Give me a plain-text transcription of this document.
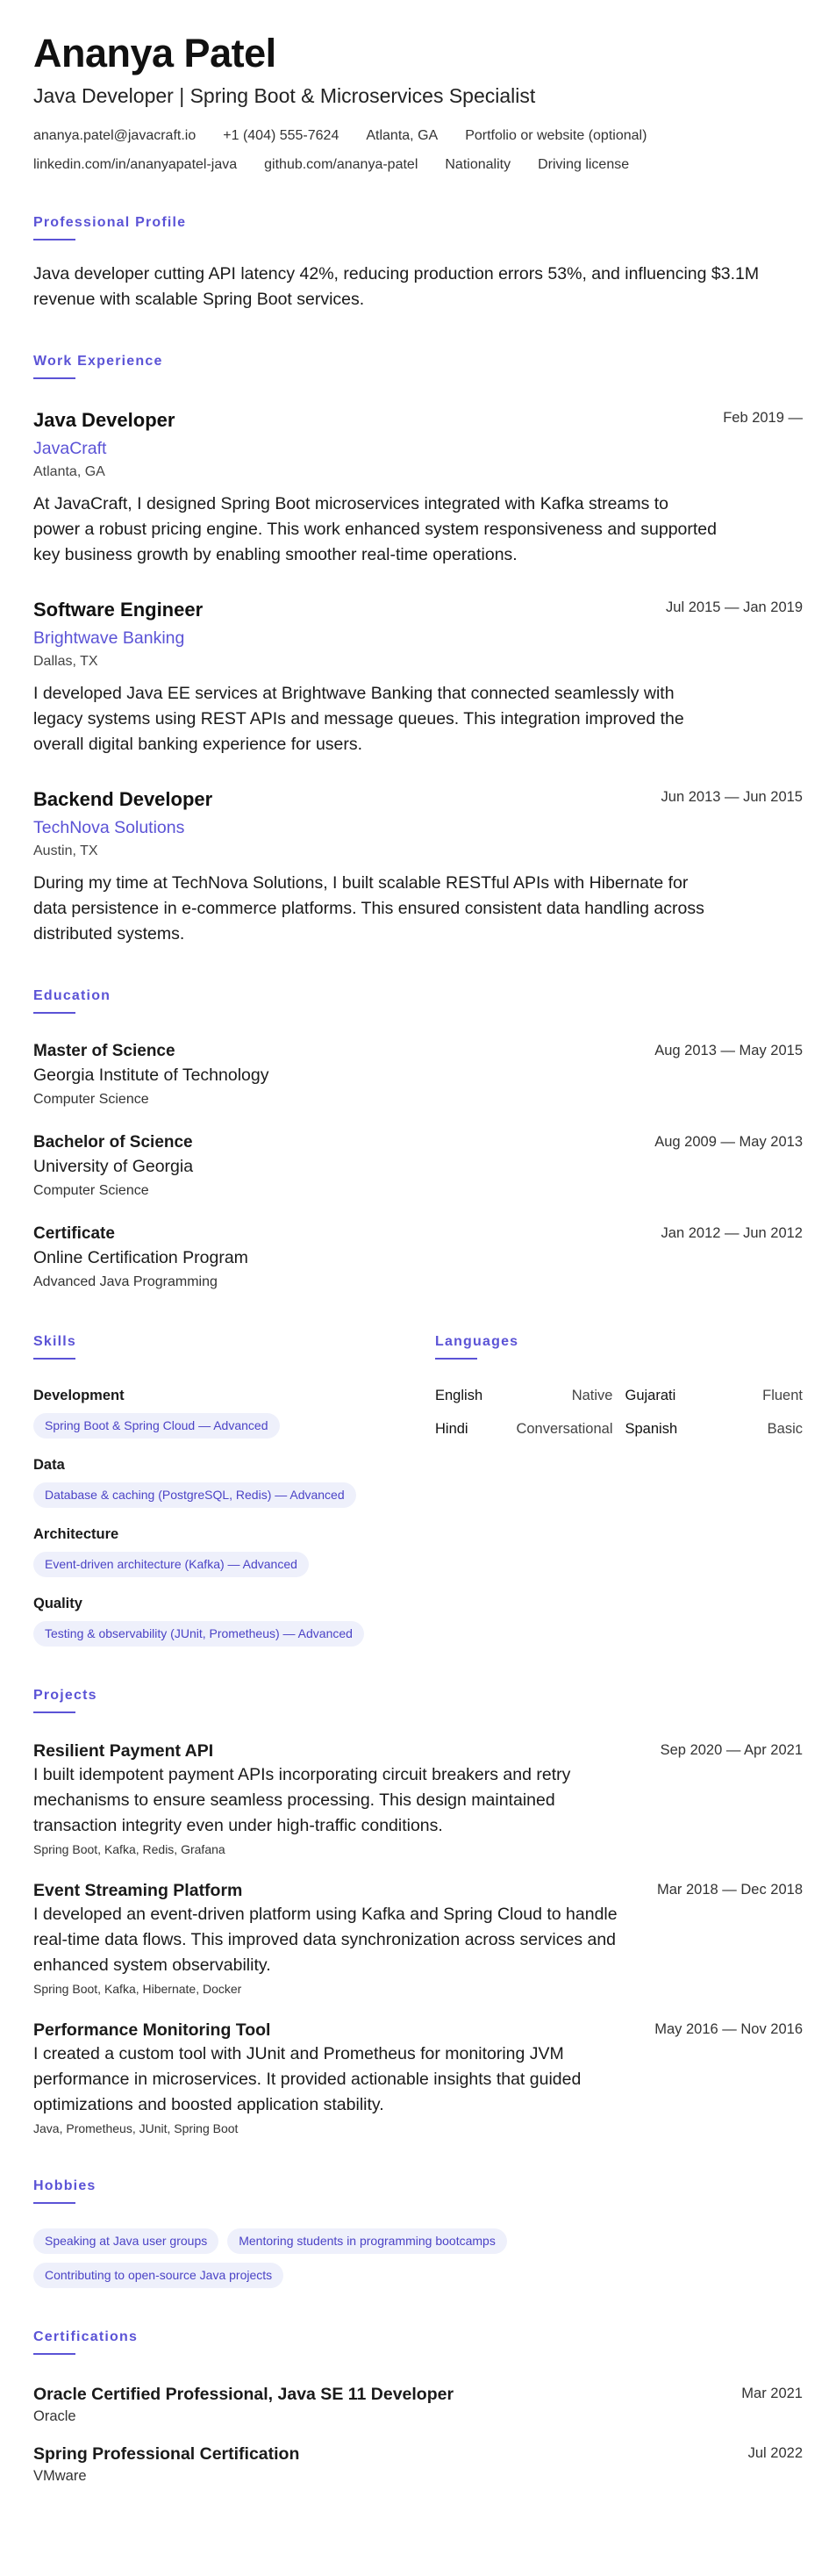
Ananya Patel
Java Developer | Spring Boot & Microservices Specialist
ananya.patel@javacraft.io +1 (404) 555-7624 Atlanta, GA Portfolio or website (optional)
linkedin.com/in/ananyapatel-java github.com/ananya-patel Nationality Driving license
Professional Profile
Java developer cutting API latency 42%, reducing production errors 53%, and influencing $3.1M revenue with scalable Spring Boot services.
Work Experience
Java Developer	Feb 2019 —
JavaCraft
Atlanta, GA
At JavaCraft, I designed Spring Boot microservices integrated with Kafka streams to power a robust pricing engine. This work enhanced system responsiveness and supported key business growth by enabling smoother real-time operations.
Software Engineer	Jul 2015 — Jan 2019
Brightwave Banking
Dallas, TX
I developed Java EE services at Brightwave Banking that connected seamlessly with legacy systems using REST APIs and message queues. This integration improved the overall digital banking experience for users.
Backend Developer	Jun 2013 — Jun 2015
TechNova Solutions
Austin, TX
During my time at TechNova Solutions, I built scalable RESTful APIs with Hibernate for data persistence in e-commerce platforms. This ensured consistent data handling across distributed systems.
Education
Master of Science	Aug 2013 — May 2015
Georgia Institute of Technology
Computer Science
Bachelor of Science	Aug 2009 — May 2013
University of Georgia
Computer Science
Certificate	Jan 2012 — Jun 2012
Online Certification Program
Advanced Java Programming
Skills
Development
Spring Boot & Spring Cloud — Advanced
Data
Database & caching (PostgreSQL, Redis) — Advanced
Architecture
Event-driven architecture (Kafka) — Advanced
Quality
Testing & observability (JUnit, Prometheus) — Advanced
Languages
English	Native Gujarati	Fluent
Hindi	Conversational Spanish	Basic
Projects
Resilient Payment API	Sep 2020 — Apr 2021
I built idempotent payment APIs incorporating circuit breakers and retry mechanisms to ensure seamless processing. This design maintained transaction integrity even under high-traffic conditions.
Spring Boot, Kafka, Redis, Grafana
Event Streaming Platform	Mar 2018 — Dec 2018
I developed an event-driven platform using Kafka and Spring Cloud to handle real-time data flows. This improved data synchronization across services and enhanced system observability.
Spring Boot, Kafka, Hibernate, Docker
Performance Monitoring Tool	May 2016 — Nov 2016
I created a custom tool with JUnit and Prometheus for monitoring JVM performance in microservices. It provided actionable insights that guided optimizations and boosted application stability.
Java, Prometheus, JUnit, Spring Boot
Hobbies
Speaking at Java user groups	Mentoring students in programming bootcamps
Contributing to open-source Java projects
Certifications
Oracle Certified Professional, Java SE 11 Developer	Mar 2021
Oracle
Spring Professional Certification	Jul 2022
VMware
